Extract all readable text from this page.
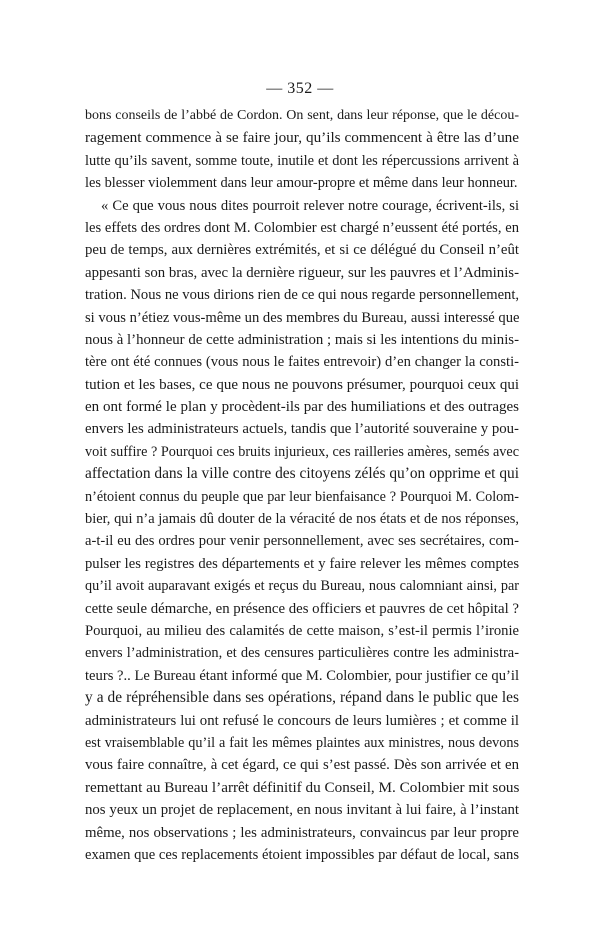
— 352 —
bons conseils de l’abbé de Cordon. On sent, dans leur réponse, que le décou-
ragement commence à se faire jour, qu’ils commencent à être las d’une
lutte qu’ils savent, somme toute, inutile et dont les répercussions arrivent à
les blesser violemment dans leur amour-propre et même dans leur honneur.
« Ce que vous nous dites pourroit relever notre courage, écrivent-ils, si
les effets des ordres dont M. Colombier est chargé n’eussent été portés, en
peu de temps, aux dernières extrémités, et si ce délégué du Conseil n’eût
appesanti son bras, avec la dernière rigueur, sur les pauvres et l’Adminis-
tration. Nous ne vous dirions rien de ce qui nous regarde personnellement,
si vous n’étiez vous-même un des membres du Bureau, aussi interessé que
nous à l’honneur de cette administration ; mais si les intentions du minis-
tère ont été connues (vous nous le faites entrevoir) d’en changer la consti-
tution et les bases, ce que nous ne pouvons présumer, pourquoi ceux qui
en ont formé le plan y procèdent-ils par des humiliations et des outrages
envers les administrateurs actuels, tandis que l’autorité souveraine y pou-
voit suffire ? Pourquoi ces bruits injurieux, ces railleries amères, semés avec
affectation dans la ville contre des citoyens zélés qu’on opprime et qui
n’étoient connus du peuple que par leur bienfaisance ? Pourquoi M. Colom-
bier, qui n’a jamais dû douter de la véracité de nos états et de nos réponses,
a-t-il eu des ordres pour venir personnellement, avec ses secrétaires, com-
pulser les registres des départements et y faire relever les mêmes comptes
qu’il avoit auparavant exigés et reçus du Bureau, nous calomniant ainsi, par
cette seule démarche, en présence des officiers et pauvres de cet hôpital ?
Pourquoi, au milieu des calamités de cette maison, s’est-il permis l’ironie
envers l’administration, et des censures particulières contre les administra-
teurs ?.. Le Bureau étant informé que M. Colombier, pour justifier ce qu’il
y a de répréhensible dans ses opérations, répand dans le public que les
administrateurs lui ont refusé le concours de leurs lumières ; et comme il
est vraisemblable qu’il a fait les mêmes plaintes aux ministres, nous devons
vous faire connaître, à cet égard, ce qui s’est passé. Dès son arrivée et en
remettant au Bureau l’arrêt définitif du Conseil, M. Colombier mit sous
nos yeux un projet de replacement, en nous invitant à lui faire, à l’instant
même, nos observations ; les administrateurs, convaincus par leur propre
examen que ces replacements étoient impossibles par défaut de local, sans
